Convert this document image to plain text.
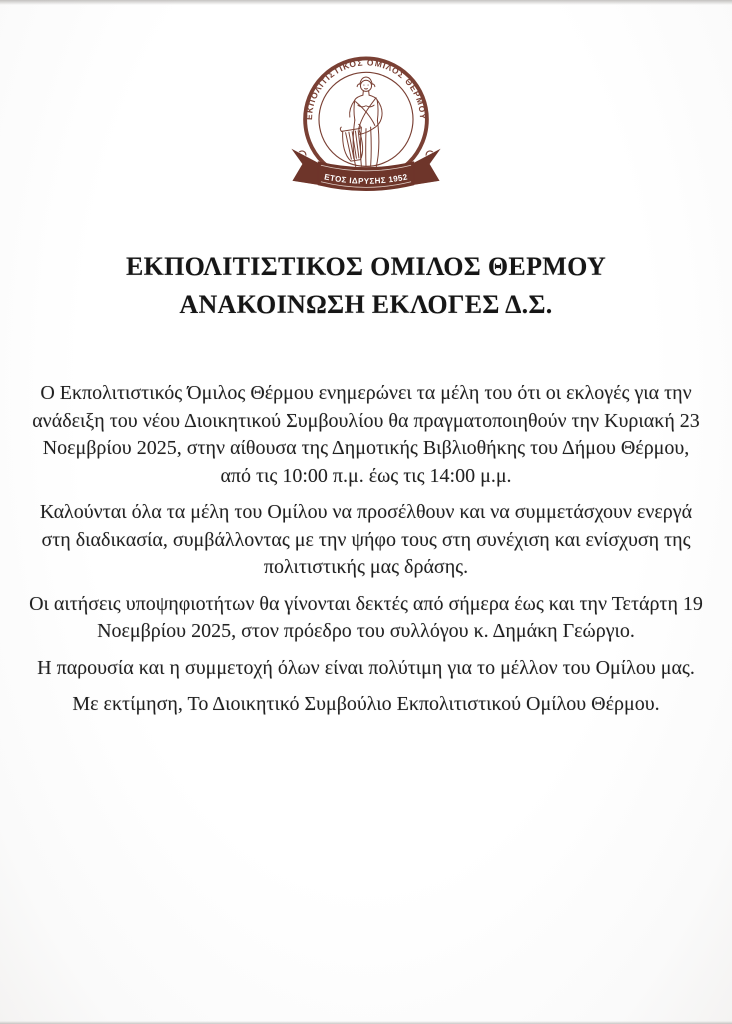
ΕΚΠΟΛΙΤΙΣΤΙΚΟΣ ΟΜΙΛΟΣ ΘΕΡΜΟΥ
ΕΤΟΣ ΙΔΡΥΣΗΣ 1952
ΕΚΠΟΛΙΤΙΣΤΙΚΟΣ ΟΜΙΛΟΣ ΘΕΡΜΟΥ
ΑΝΑΚΟΙΝΩΣΗ ΕΚΛΟΓΕΣ Δ.Σ.

Ο Εκπολιτιστικός Όμιλος Θέρμου ενημερώνει τα μέλη του ότι οι εκλογές για την ανάδειξη του νέου Διοικητικού Συμβουλίου θα πραγματοποιηθούν την Κυριακή 23 Νοεμβρίου 2025, στην αίθουσα της Δημοτικής Βιβλιοθήκης του Δήμου Θέρμου, από τις 10:00 π.μ. έως τις 14:00 μ.μ.

Καλούνται όλα τα μέλη του Ομίλου να προσέλθουν και να συμμετάσχουν ενεργά στη διαδικασία, συμβάλλοντας με την ψήφο τους στη συνέχιση και ενίσχυση της πολιτιστικής μας δράσης.

Οι αιτήσεις υποψηφιοτήτων θα γίνονται δεκτές από σήμερα έως και την Τετάρτη 19 Νοεμβρίου 2025, στον πρόεδρο του συλλόγου κ. Δημάκη Γεώργιο.

Η παρουσία και η συμμετοχή όλων είναι πολύτιμη για το μέλλον του Ομίλου μας.

Με εκτίμηση, Το Διοικητικό Συμβούλιο Εκπολιτιστικού Ομίλου Θέρμου.
